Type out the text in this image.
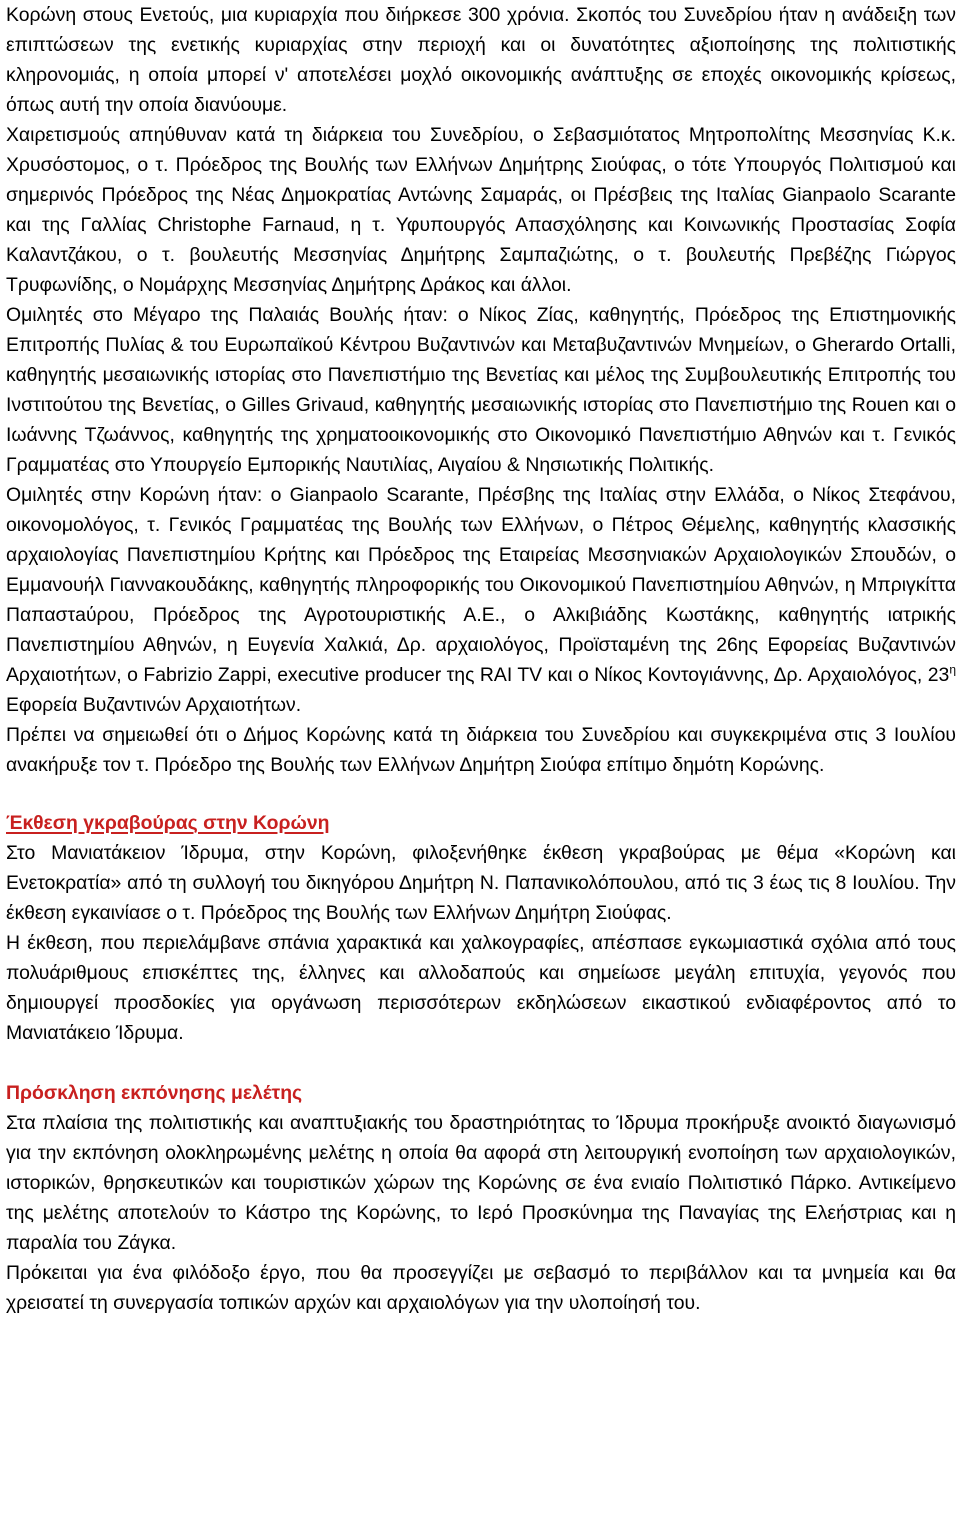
Κορώνη στους Ενετούς, μια κυριαρχία που διήρκεσε 300 χρόνια. Σκοπός του Συνεδρίου ήταν η ανάδειξη των επιπτώσεων της ενετικής κυριαρχίας στην περιοχή και οι δυνατότητες αξιοποίησης της πολιτιστικής κληρονομιάς, η οποία μπορεί ν' αποτελέσει μοχλό οικονομικής ανάπτυξης σε εποχές οικονομικής κρίσεως, όπως αυτή την οποία διανύουμε.

Χαιρετισμούς απηύθυναν κατά τη διάρκεια του Συνεδρίου, ο Σεβασμιότατος Μητροπολίτης Μεσσηνίας Κ.κ. Χρυσόστομος, ο τ. Πρόεδρος της Βουλής των Ελλήνων Δημήτρης Σιούφας, ο τότε Υπουργός Πολιτισμού και σημερινός Πρόεδρος της Νέας Δημοκρατίας Αντώνης Σαμαράς, οι Πρέσβεις της Ιταλίας Gianpaolo Scarante και της Γαλλίας Christophe Farnaud, η τ. Υφυπουργός Απασχόλησης και Κοινωνικής Προστασίας Σοφία Καλαντζάκου, ο τ. βουλευτής Μεσσηνίας Δημήτρης Σαμπαζιώτης, ο τ. βουλευτής Πρεβέζης Γιώργος Τρυφωνίδης, ο Νομάρχης Μεσσηνίας Δημήτρης Δράκος και άλλοι.

Ομιλητές στο Μέγαρο της Παλαιάς Βουλής ήταν: ο Νίκος Ζίας, καθηγητής, Πρόεδρος της Επιστημονικής Επιτροπής Πυλίας & του Ευρωπαϊκού Κέντρου Βυζαντινών και Μεταβυζαντινών Μνημείων, ο Gherardo Ortalli, καθηγητής μεσαιωνικής ιστορίας στο Πανεπιστήμιο της Βενετίας και μέλος της Συμβουλευτικής Επιτροπής του Ινστιτούτου της Βενετίας, ο Gilles Grivaud, καθηγητής μεσαιωνικής ιστορίας στο Πανεπιστήμιο της Rouen και ο Ιωάννης Τζωάννος, καθηγητής της χρηματοοικονομικής στο Οικονομικό Πανεπιστήμιο Αθηνών και τ. Γενικός Γραμματέας στο Υπουργείο Εμπορικής Ναυτιλίας, Αιγαίου & Νησιωτικής Πολιτικής.

Ομιλητές στην Κορώνη ήταν: ο Gianpaolo Scarante, Πρέσβης της Ιταλίας στην Ελλάδα, ο Νίκος Στεφάνου, οικονομολόγος, τ. Γενικός Γραμματέας της Βουλής των Ελλήνων, ο Πέτρος Θέμελης, καθηγητής κλασσικής αρχαιολογίας Πανεπιστημίου Κρήτης και Πρόεδρος της Εταιρείας Μεσσηνιακών Αρχαιολογικών Σπουδών, ο Εμμανουήλ Γιαννακουδάκης, καθηγητής πληροφορικής του Οικονομικού Πανεπιστημίου Αθηνών, η Μπριγκίττα Παπαστaύρου, Πρόεδρος της Αγροτουριστικής Α.Ε., ο Αλκιβιάδης Κωστάκης, καθηγητής ιατρικής Πανεπιστημίου Αθηνών, η Ευγενία Χαλκιά, Δρ. αρχαιολόγος, Προϊσταμένη της 26ης Εφορείας Βυζαντινών Αρχαιοτήτων, ο Fabrizio Zappi, executive producer της RAI TV και ο Νίκος Κοντογιάννης, Δρ. Αρχαιολόγος, $23^\eta$ Εφορεία Βυζαντινών Αρχαιοτήτων.

Πρέπει να σημειωθεί ότι ο Δήμος Κορώνης κατά τη διάρκεια του Συνεδρίου και συγκεκριμένα στις 3 Ιουλίου ανακήρυξε τον τ. Πρόεδρο της Βουλής των Ελλήνων Δημήτρη Σιούφα επίτιμο δημότη Κορώνης.

Έκθεση γκραβούρας στην Κορώνη

Στο Μανιατάκειον Ίδρυμα, στην Κορώνη, φιλοξενήθηκε έκθεση γκραβούρας με θέμα «Κορώνη και Ενετοκρατία» από τη συλλογή του δικηγόρου Δημήτρη Ν. Παπανικολόπουλου, από τις 3 έως τις 8 Ιουλίου. Την έκθεση εγκαινίασε ο τ. Πρόεδρος της Βουλής των Ελλήνων Δημήτρη Σιούφας.

Η έκθεση, που περιελάμβανε σπάνια χαρακτικά και χαλκογραφίες, απέσπασε εγκωμιαστικά σχόλια από τους πολυάριθμους επισκέπτες της, έλληνες και αλλοδαπούς και σημείωσε μεγάλη επιτυχία, γεγονός που δημιουργεί προσδοκίες για οργάνωση περισσότερων εκδηλώσεων εικαστικού ενδιαφέροντος από το Μανιατάκειο Ίδρυμα.

Πρόσκληση εκπόνησης μελέτης

Στα πλαίσια της πολιτιστικής και αναπτυξιακής του δραστηριότητας το Ίδρυμα προκήρυξε ανοικτό διαγωνισμό για την εκπόνηση ολοκληρωμένης μελέτης η οποία θα αφορά στη λειτουργική ενοποίηση των αρχαιολογικών, ιστορικών, θρησκευτικών και τουριστικών χώρων της Κορώνης σε ένα ενιαίο Πολιτιστικό Πάρκο. Αντικείμενο της μελέτης αποτελούν το Κάστρο της Κορώνης, το Ιερό Προσκύνημα της Παναγίας της Ελεήστριας και η παραλία του Ζάγκα.

Πρόκειται για ένα φιλόδοξο έργο, που θα προσεγγίζει με σεβασμό το περιβάλλον και τα μνημεία και θα χρεισατεί τη συνεργασία τοπικών αρχών και αρχαιολόγων για την υλοποίησή του.
